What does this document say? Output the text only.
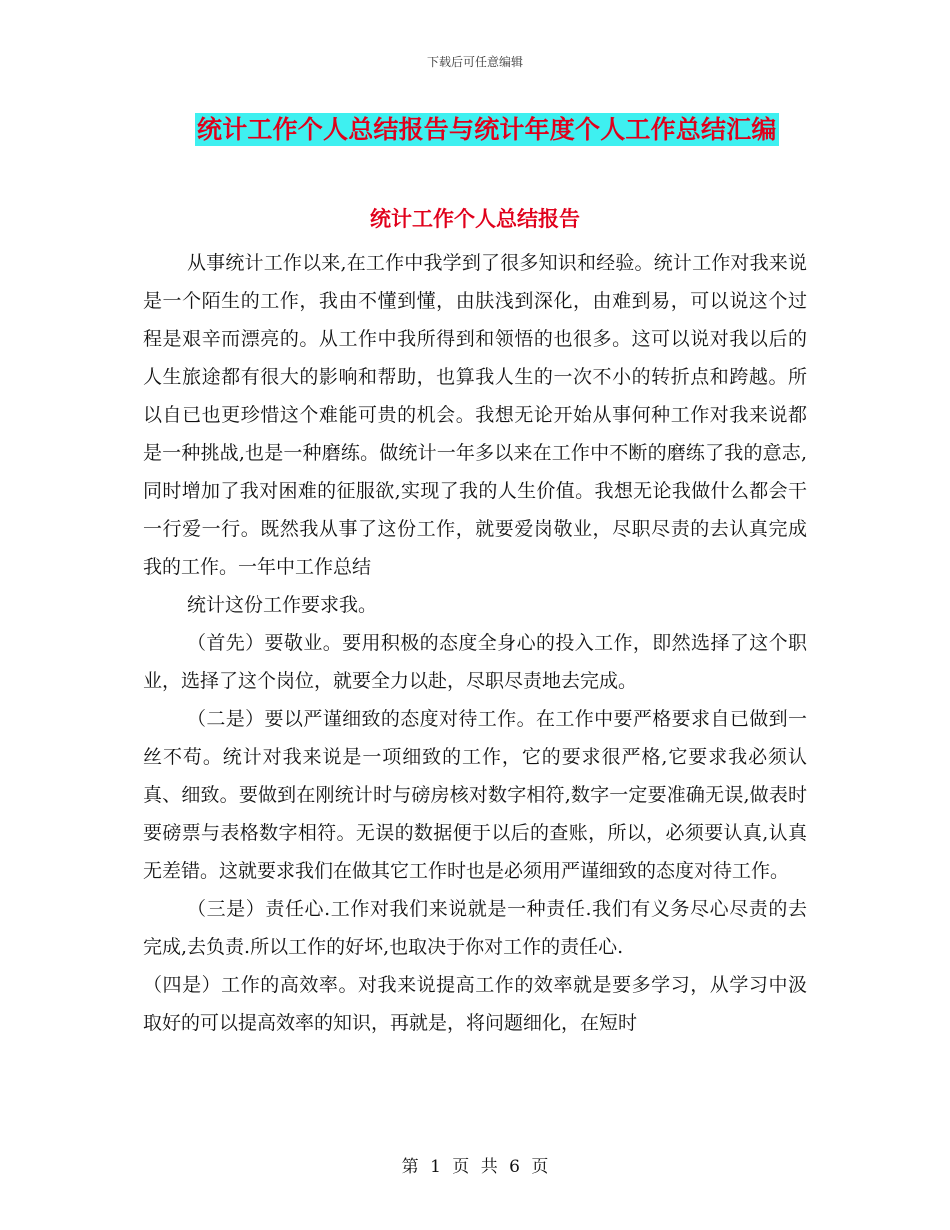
下载后可任意编辑
统计工作个人总结报告与统计年度个人工作总结汇编
统计工作个人总结报告

从事统计工作以来,在工作中我学到了很多知识和经验。统计工作对我来说是一个陌生的工作，我由不懂到懂，由肤浅到深化，由难到易，可以说这个过程是艰辛而漂亮的。从工作中我所得到和领悟的也很多。这可以说对我以后的人生旅途都有很大的影响和帮助，也算我人生的一次不小的转折点和跨越。所以自已也更珍惜这个难能可贵的机会。我想无论开始从事何种工作对我来说都是一种挑战,也是一种磨练。做统计一年多以来在工作中不断的磨练了我的意志,同时增加了我对困难的征服欲,实现了我的人生价值。我想无论我做什么都会干一行爱一行。既然我从事了这份工作，就要爱岗敬业，尽职尽责的去认真完成我的工作。一年中工作总结

统计这份工作要求我。

（首先）要敬业。要用积极的态度全身心的投入工作，即然选择了这个职业，选择了这个岗位，就要全力以赴，尽职尽责地去完成。

（二是）要以严谨细致的态度对待工作。在工作中要严格要求自已做到一丝不苟。统计对我来说是一项细致的工作，它的要求很严格,它要求我必须认真、细致。要做到在刚统计时与磅房核对数字相符,数字一定要准确无误,做表时要磅票与表格数字相符。无误的数据便于以后的查账，所以，必须要认真,认真无差错。这就要求我们在做其它工作时也是必须用严谨细致的态度对待工作。

（三是）责任心.工作对我们来说就是一种责任.我们有义务尽心尽责的去完成,去负责.所以工作的好坏,也取决于你对工作的责任心.

（四是）工作的高效率。对我来说提高工作的效率就是要多学习，从学习中汲取好的可以提高效率的知识，再就是，将问题细化，在短时

第 1 页 共 6 页
